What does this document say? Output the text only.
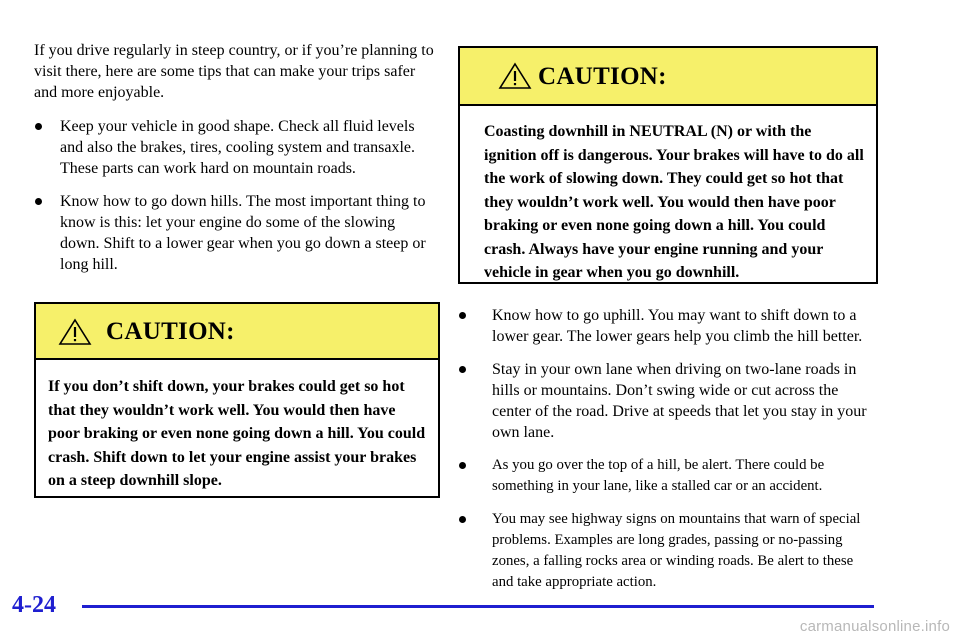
If you drive regularly in steep country, or if you’re planning to visit there, here are some tips that can make your trips safer and more enjoyable.

Keep your vehicle in good shape. Check all fluid levels and also the brakes, tires, cooling system and transaxle. These parts can work hard on mountain roads.
Know how to go down hills. The most important thing to know is this: let your engine do some of the slowing down. Shift to a lower gear when you go down a steep or long hill.
CAUTION:
If you don’t shift down, your brakes could get so hot that they wouldn’t work well. You would then have poor braking or even none going down a hill. You could crash. Shift down to let your engine assist your brakes on a steep downhill slope.
CAUTION:
Coasting downhill in NEUTRAL (N) or with the ignition off is dangerous. Your brakes will have to do all the work of slowing down. They could get so hot that they wouldn’t work well. You would then have poor braking or even none going down a hill. You could crash. Always have your engine running and your vehicle in gear when you go downhill.
Know how to go uphill. You may want to shift down to a lower gear. The lower gears help you climb the hill better.
Stay in your own lane when driving on two-lane roads in hills or mountains. Don’t swing wide or cut across the center of the road. Drive at speeds that let you stay in your own lane.
As you go over the top of a hill, be alert. There could be something in your lane, like a stalled car or an accident.
You may see highway signs on mountains that warn of special problems. Examples are long grades, passing or no-passing zones, a falling rocks area or winding roads. Be alert to these and take appropriate action.
4-24
carmanualsonline.info
